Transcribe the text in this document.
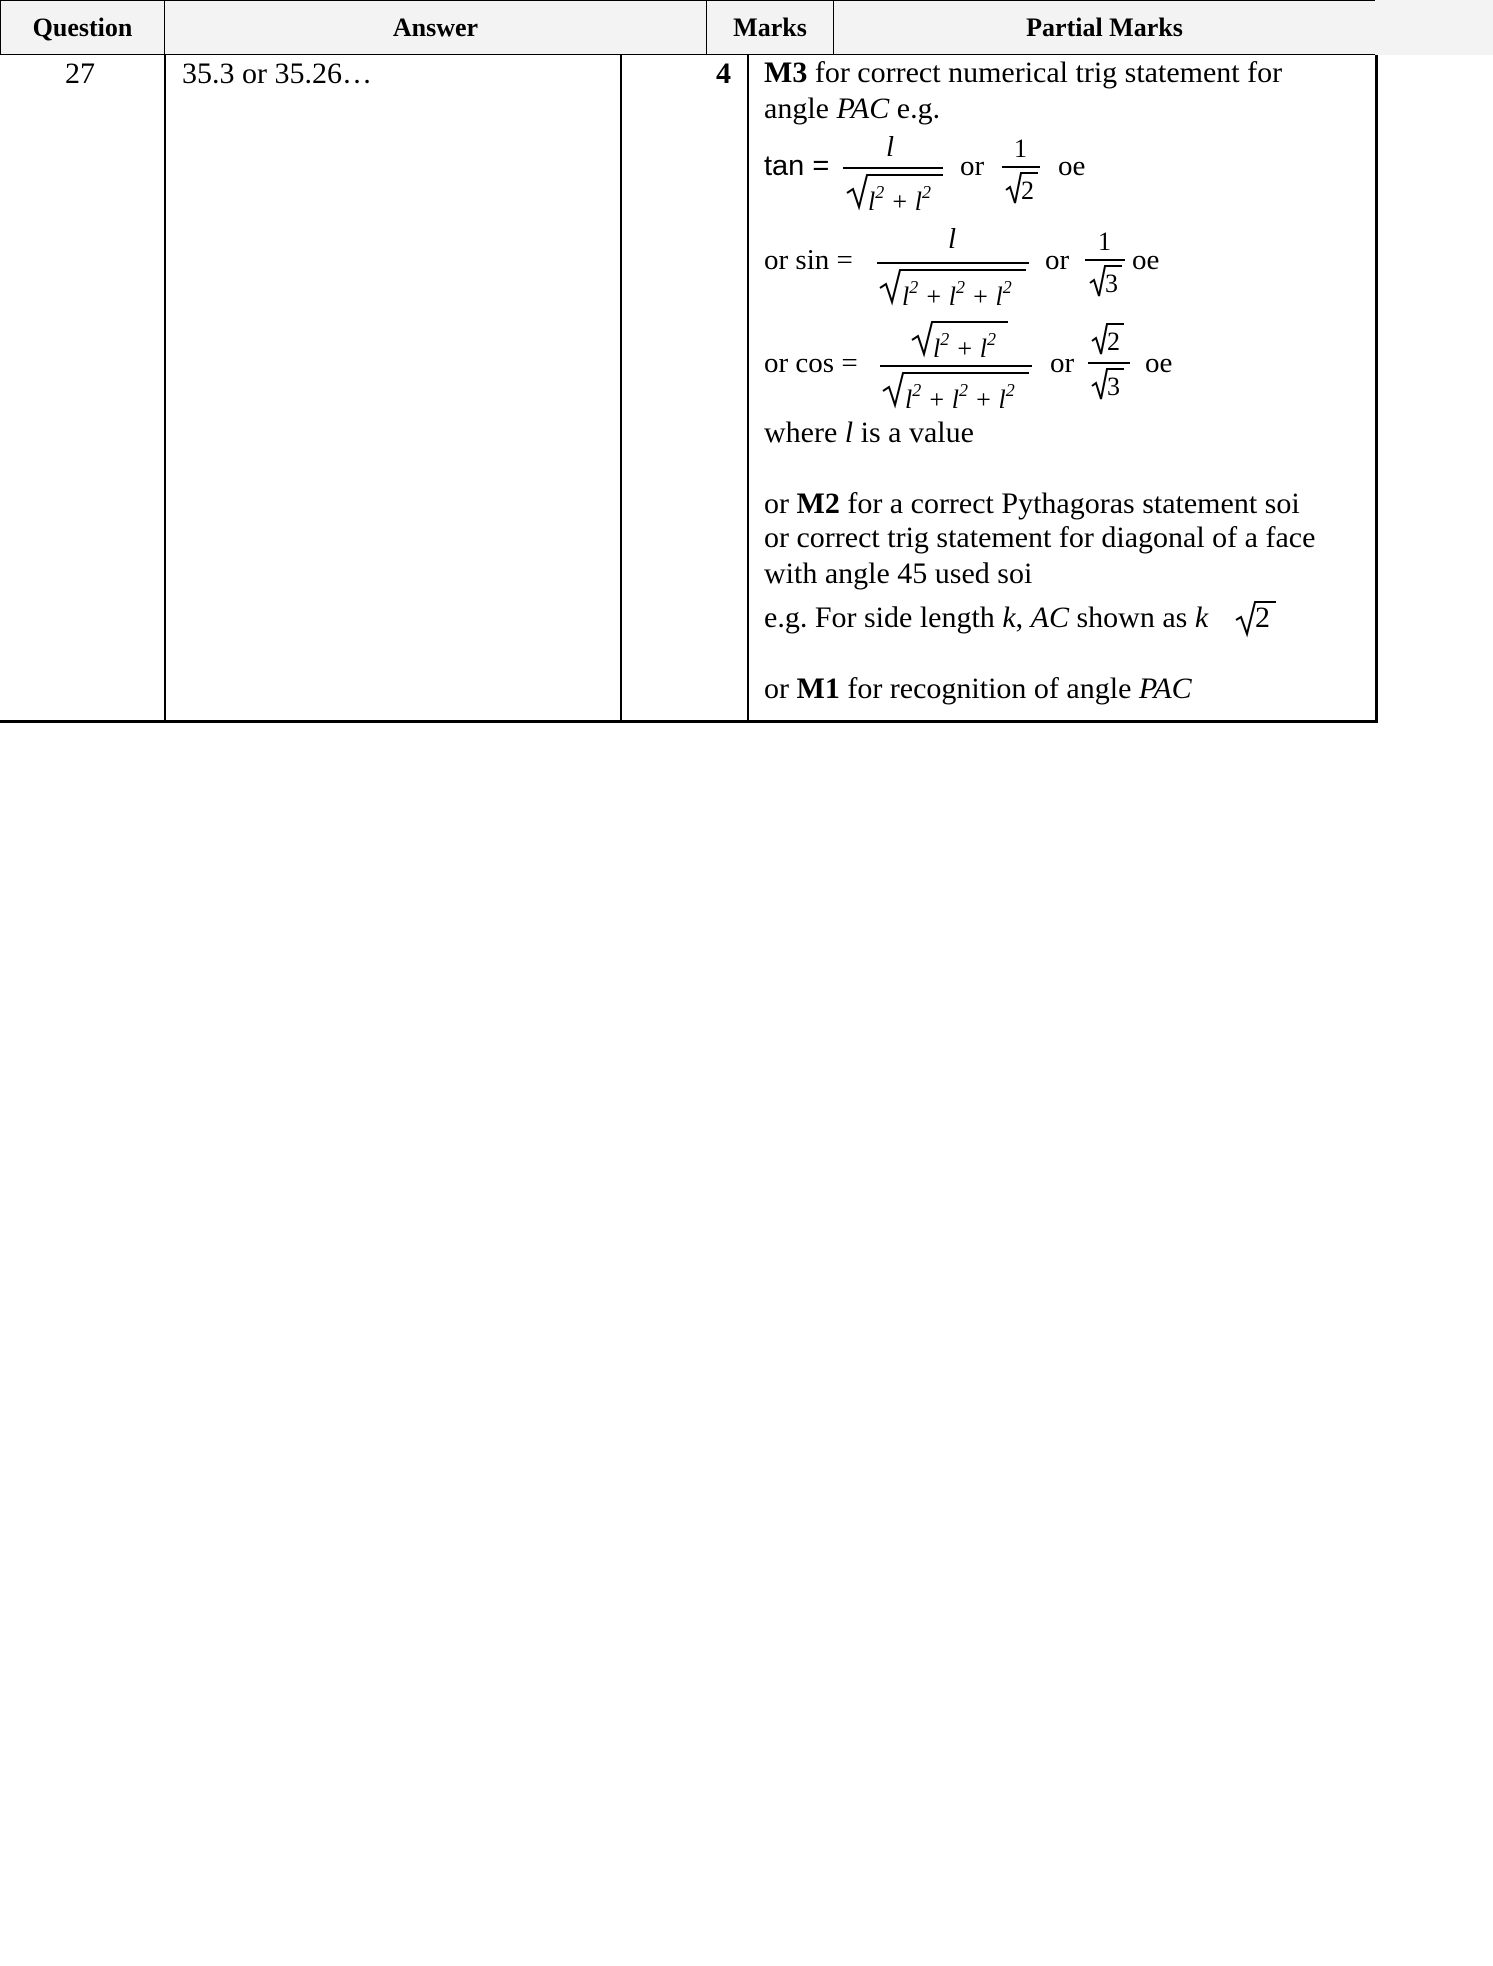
Question	Answer	Marks	Partial Marks
27	35.3 or 35.26…	4 M3 for correct numerical trig statement for
angle PAC e.g.
tan =
l
$l^2 + l^2$
or
1
2
oe
or sin =
l
$l^2 + l^2 + l^2$
or
1
3
oe
or cos =	$l^2 + l^2$
$l^2 + l^2 + l^2$
or
2
3
oe
where l is a value
or M2 for a correct Pythagoras statement soi
or correct trig statement for diagonal of a face
with angle 45 used soi
e.g. For side length k, AC shown as k 2
or M1 for recognition of angle PAC
